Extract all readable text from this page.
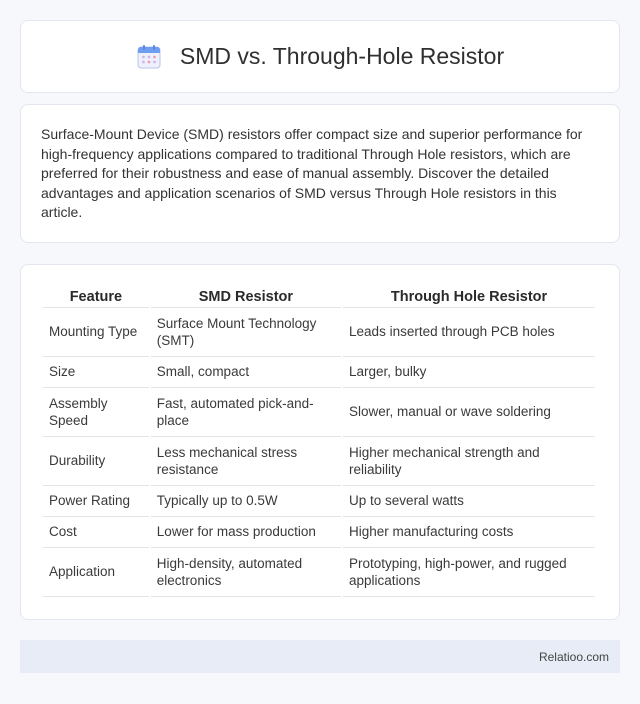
SMD vs. Through-Hole Resistor

Surface-Mount Device (SMD) resistors offer compact size and superior performance for high-frequency applications compared to traditional Through Hole resistors, which are preferred for their robustness and ease of manual assembly. Discover the detailed advantages and application scenarios of SMD versus Through Hole resistors in this article.

Feature	SMD Resistor	Through Hole Resistor
Mounting Type	Surface Mount Technology (SMT)	Leads inserted through PCB holes
Size	Small, compact	Larger, bulky
Assembly Speed	Fast, automated pick-and-place	Slower, manual or wave soldering
Durability	Less mechanical stress resistance	Higher mechanical strength and reliability
Power Rating	Typically up to 0.5W	Up to several watts
Cost	Lower for mass production	Higher manufacturing costs
Application	High-density, automated electronics	Prototyping, high-power, and rugged applications
Relatioo.com
